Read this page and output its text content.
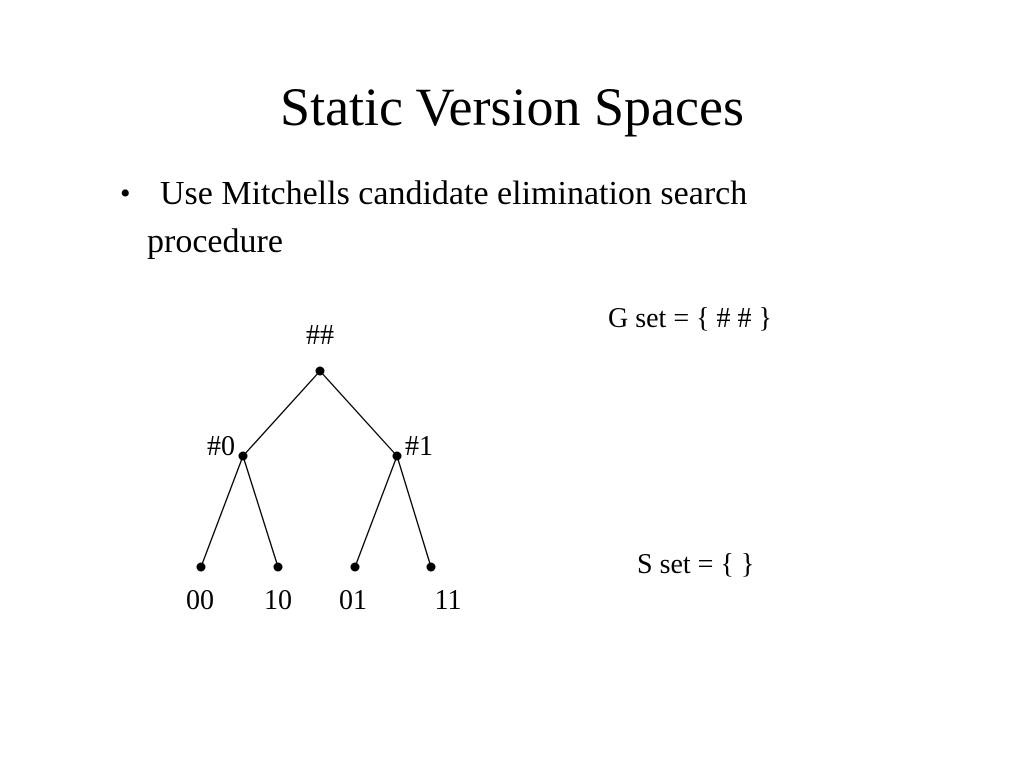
Static Version Spaces
• Use Mitchells candidate elimination search procedure
##
#0	#1
00 10 01 11
G set = { # # }
S set = { }
